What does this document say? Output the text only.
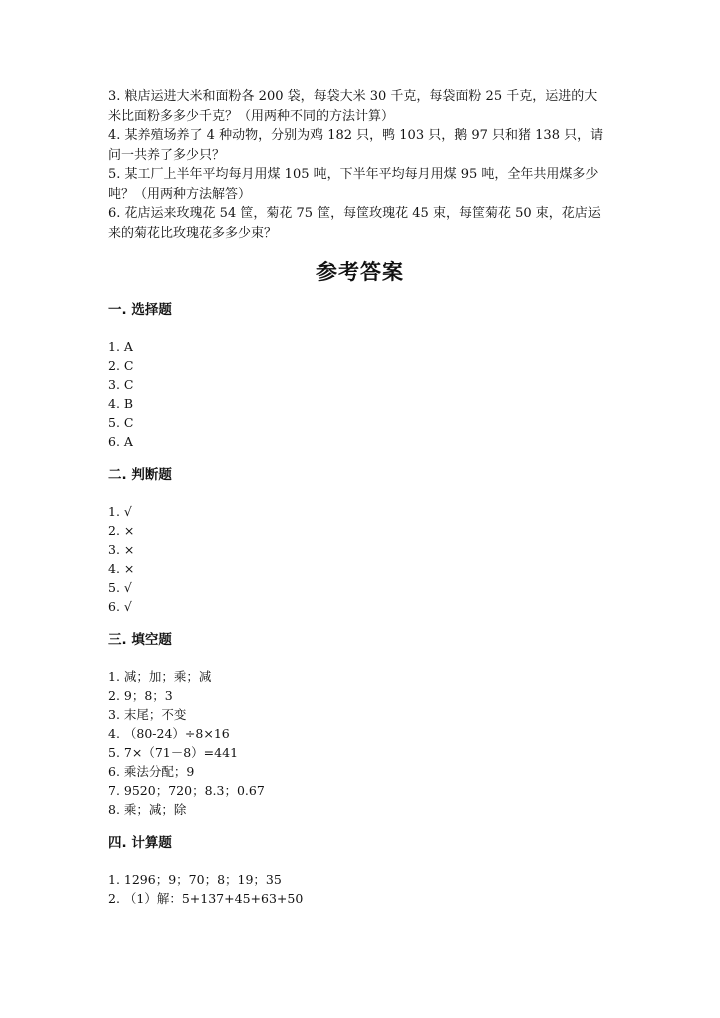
3. 粮店运进大米和面粉各 200 袋，每袋大米 30 千克，每袋面粉 25 千克，运进的大米比面粉多多少千克？（用两种不同的方法计算）

4. 某养殖场养了 4 种动物，分别为鸡 182 只，鸭 103 只，鹅 97 只和猪 138 只，请问一共养了多少只？

5. 某工厂上半年平均每月用煤 105 吨，下半年平均每月用煤 95 吨，全年共用煤多少吨？（用两种方法解答）

6. 花店运来玫瑰花 54 筐，菊花 75 筐，每筐玫瑰花 45 束，每筐菊花 50 束，花店运来的菊花比玫瑰花多多少束？

参考答案

一. 选择题

1. A
2. C
3. C
4. B
5. C
6. A

二. 判断题

1. √
2. ×
3. ×
4. ×
5. √
6. √

三. 填空题

1. 减；加；乘；减
2. 9；8；3
3. 末尾；不变
4. （80-24）÷8×16
5. 7×（71－8）=441
6. 乘法分配；9
7. 9520；720；8.3；0.67
8. 乘；减；除

四. 计算题

1. 1296；9；70；8；19；35
2. （1）解：5+137+45+63+50
